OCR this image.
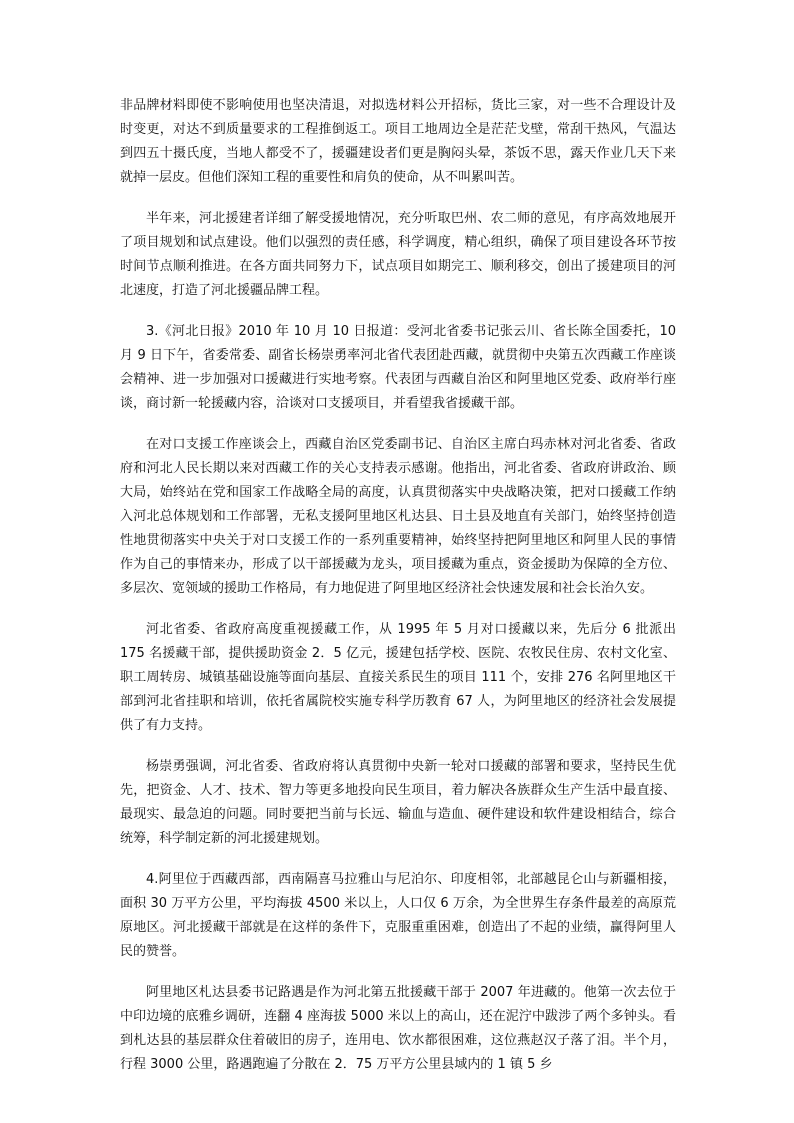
非品牌材料即使不影响使用也坚决清退，对拟选材料公开招标，货比三家，对一些不合理设计及时变更，对达不到质量要求的工程推倒返工。项目工地周边全是茫茫戈壁，常刮干热风，气温达到四五十摄氏度，当地人都受不了，援疆建设者们更是胸闷头晕，茶饭不思，露天作业几天下来就掉一层皮。但他们深知工程的重要性和肩负的使命，从不叫累叫苦。

半年来，河北援建者详细了解受援地情况，充分听取巴州、农二师的意见，有序高效地展开了项目规划和试点建设。他们以强烈的责任感，科学调度，精心组织，确保了项目建设各环节按时间节点顺利推进。在各方面共同努力下，试点项目如期完工、顺利移交，创出了援建项目的河北速度，打造了河北援疆品牌工程。

3.《河北日报》2010 年 10 月 10 日报道：受河北省委书记张云川、省长陈全国委托，10 月 9 日下午，省委常委、副省长杨崇勇率河北省代表团赴西藏，就贯彻中央第五次西藏工作座谈会精神、进一步加强对口援藏进行实地考察。代表团与西藏自治区和阿里地区党委、政府举行座谈，商讨新一轮援藏内容，洽谈对口支援项目，并看望我省援藏干部。

在对口支援工作座谈会上，西藏自治区党委副书记、自治区主席白玛赤林对河北省委、省政府和河北人民长期以来对西藏工作的关心支持表示感谢。他指出，河北省委、省政府讲政治、顾大局，始终站在党和国家工作战略全局的高度，认真贯彻落实中央战略决策，把对口援藏工作纳入河北总体规划和工作部署，无私支援阿里地区札达县、日土县及地直有关部门，始终坚持创造性地贯彻落实中央关于对口支援工作的一系列重要精神，始终坚持把阿里地区和阿里人民的事情作为自己的事情来办，形成了以干部援藏为龙头，项目援藏为重点，资金援助为保障的全方位、多层次、宽领域的援助工作格局，有力地促进了阿里地区经济社会快速发展和社会长治久安。

河北省委、省政府高度重视援藏工作，从 1995 年 5 月对口援藏以来，先后分 6 批派出 175 名援藏干部，提供援助资金 2．5 亿元，援建包括学校、医院、农牧民住房、农村文化室、职工周转房、城镇基础设施等面向基层、直接关系民生的项目 111 个，安排 276 名阿里地区干部到河北省挂职和培训，依托省属院校实施专科学历教育 67 人，为阿里地区的经济社会发展提供了有力支持。

杨崇勇强调，河北省委、省政府将认真贯彻中央新一轮对口援藏的部署和要求，坚持民生优先，把资金、人才、技术、智力等更多地投向民生项目，着力解决各族群众生产生活中最直接、最现实、最急迫的问题。同时要把当前与长远、输血与造血、硬件建设和软件建设相结合，综合统筹，科学制定新的河北援建规划。

4.阿里位于西藏西部，西南隔喜马拉雅山与尼泊尔、印度相邻，北部越昆仑山与新疆相接，面积 30 万平方公里，平均海拔 4500 米以上，人口仅 6 万余，为全世界生存条件最差的高原荒原地区。河北援藏干部就是在这样的条件下，克服重重困难，创造出了不起的业绩，赢得阿里人民的赞誉。

阿里地区札达县委书记路遇是作为河北第五批援藏干部于 2007 年进藏的。他第一次去位于中印边境的底雅乡调研，连翻 4 座海拔 5000 米以上的高山，还在泥泞中跋涉了两个多钟头。看到札达县的基层群众住着破旧的房子，连用电、饮水都很困难，这位燕赵汉子落了泪。半个月，行程 3000 公里，路遇跑遍了分散在 2．75 万平方公里县域内的 1 镇 5 乡
